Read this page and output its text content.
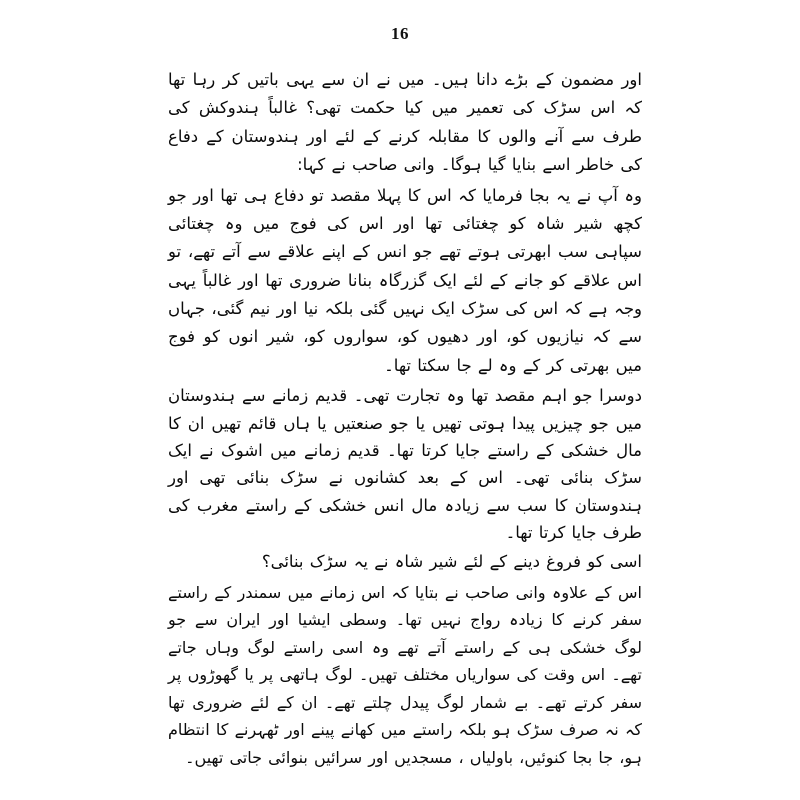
16

اور مضمون کے بڑے دانا ہیں۔ میں نے ان سے یہی باتیں کر رہا تھا کہ اس سڑک کی تعمیر میں کیا حکمت تھی؟ غالباً ہندوکش کی طرف سے آنے والوں کا مقابلہ کرنے کے لئے اور ہندوستان کے دفاع کی خاطر اسے بنایا گیا ہوگا۔ وانی صاحب نے کہا:

وہ آپ نے یہ بجا فرمایا کہ اس کا پہلا مقصد تو دفاع ہی تھا اور جو کچھ شیر شاہ کو چغتائی تھا اور اس کی فوج میں وہ چغتائی سپاہی سب ابھرتی ہوتے تھے جو انس کے اپنے علاقے سے آتے تھے، تو اس علاقے کو جانے کے لئے ایک گزرگاہ بنانا ضروری تھا اور غالباً یہی وجہ ہے کہ اس کی سڑک ایک نہیں گئی بلکہ نیا اور نیم گئی، جہاں سے کہ نیازیوں کو، اور دھیوں کو، سواروں کو، شیر انوں کو فوج میں بھرتی کر کے وہ لے جا سکتا تھا۔

دوسرا جو اہم مقصد تھا وہ تجارت تھی۔ قدیم زمانے سے ہندوستان میں جو چیزیں پیدا ہوتی تھیں یا جو صنعتیں یا ہاں قائم تھیں ان کا مال خشکی کے راستے جایا کرتا تھا۔ قدیم زمانے میں اشوک نے ایک سڑک بنائی تھی۔ اس کے بعد کشانوں نے سڑک بنائی تھی اور ہندوستان کا سب سے زیادہ مال انس خشکی کے راستے مغرب کی طرف جایا کرتا تھا۔

اسی کو فروغ دینے کے لئے شیر شاہ نے یہ سڑک بنائی؟

اس کے علاوہ وانی صاحب نے بتایا کہ اس زمانے میں سمندر کے راستے سفر کرنے کا زیادہ رواج نہیں تھا۔ وسطی ایشیا اور ایران سے جو لوگ خشکی ہی کے راستے آتے تھے وہ اسی راستے لوگ وہاں جاتے تھے۔ اس وقت کی سواریاں مختلف تھیں۔ لوگ ہاتھی پر یا گھوڑوں پر سفر کرتے تھے۔ بے شمار لوگ پیدل چلتے تھے۔ ان کے لئے ضروری تھا کہ نہ صرف سڑک ہو بلکہ راستے میں کھانے پینے اور ٹھہرنے کا انتظام ہو، جا بجا کنوئیں، باولیاں ، مسجدیں اور سرائیں بنوائی جاتی تھیں۔
